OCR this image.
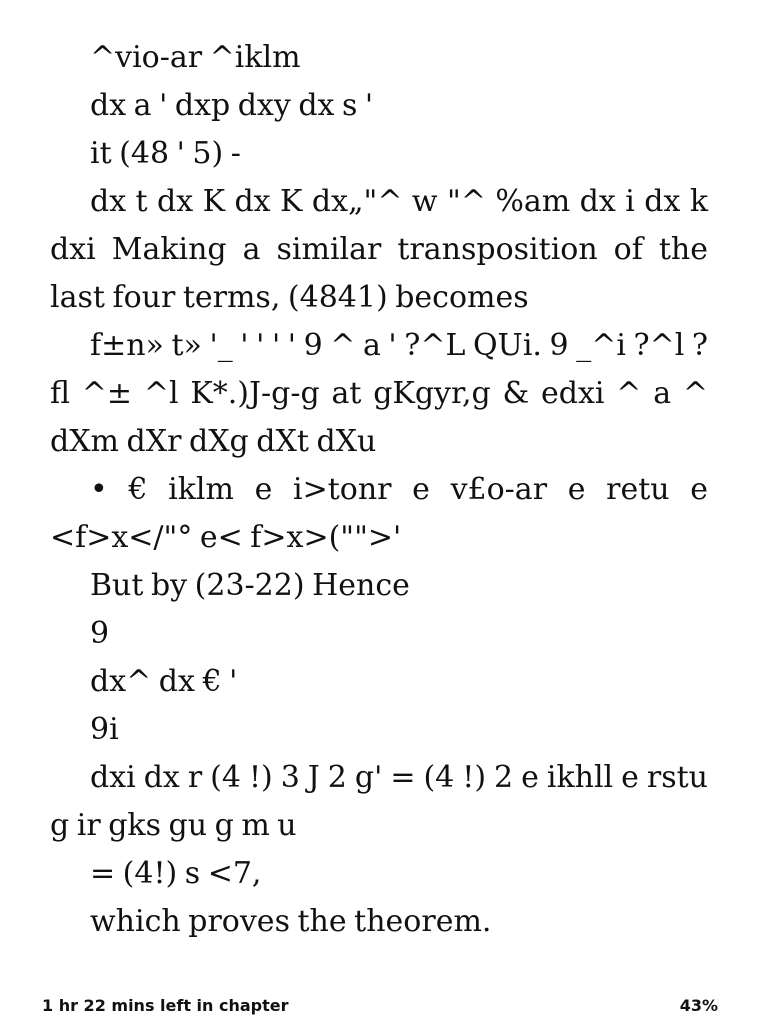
^vio-ar ^iklm

dx a ' dxp dxy dx s '

it (48 ' 5) -

dx t dx K dx K dx„"^ w "^ %am dx i dx k dxi Making a similar transposition of the last four terms, (4841) becomes

f±n» t» '_ ' ' ' ' 9 ^ a ' ?^L QUi. 9 _^i ?^l ?fl ^± ^l K*.)J-g-g at gKgyr,g & edxi ^ a ^ dXm dXr dXg dXt dXu

• € iklm e i>tonr e v£o-ar e retu e <f>x</"° e< f>x>("">'

But by (23-22) Hence

9

dx^ dx € '

9i

dxi dx r (4 !) 3 J 2 g' = (4 !) 2 e ikhll e rstu g ir gks gu g m u

= (4!) s <7,

which proves the theorem.

1 hr 22 mins left in chapter	43%
